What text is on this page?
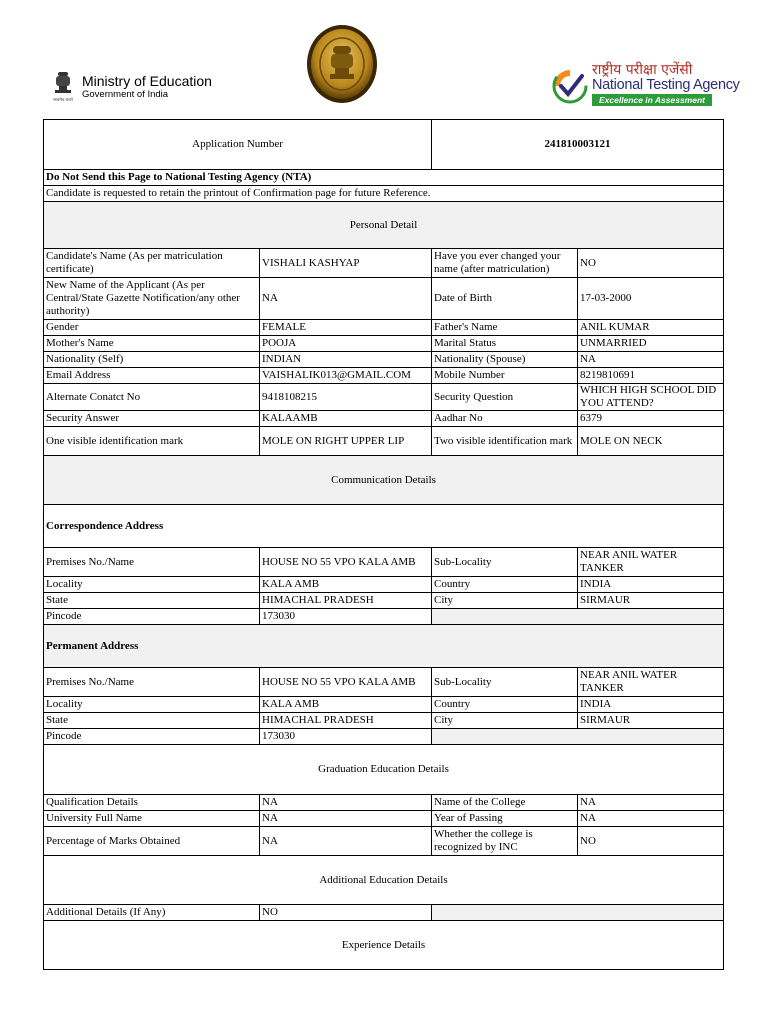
सत्यमेव जयते
Ministry of Education
Government of India
राष्ट्रीय परीक्षा एजेंसी
National Testing Agency
Excellence in Assessment
Application Number		241810003121	
Do Not Send this Page to National Testing Agency (NTA)			
Candidate is requested to retain the printout of Confirmation page for future Reference.			
Personal Detail			
Candidate's Name (As per matriculation certificate)	VISHALI KASHYAP	Have you ever changed your name (after matriculation)	NO
New Name of the Applicant (As per Central/State Gazette Notification/any other authority)	NA	Date of Birth	17-03-2000
Gender	FEMALE	Father's Name	ANIL KUMAR
Mother's Name	POOJA	Marital Status	UNMARRIED
Nationality (Self)	INDIAN	Nationality (Spouse)	NA
Email Address	VAISHALIK013@GMAIL.COM	Mobile Number	8219810691
Alternate Conatct No	9418108215	Security Question	WHICH HIGH SCHOOL DID YOU ATTEND?
Security Answer	KALAAMB	Aadhar No	6379
One visible identification mark	MOLE ON RIGHT UPPER LIP	Two visible identification mark	MOLE ON NECK
Communication Details			
Correspondence Address			
Premises No./Name	HOUSE NO 55 VPO KALA AMB	Sub-Locality	NEAR ANIL WATER TANKER
Locality	KALA AMB	Country	INDIA
State	HIMACHAL PRADESH	City	SIRMAUR
Pincode	173030		
Permanent Address			
Premises No./Name	HOUSE NO 55 VPO KALA AMB	Sub-Locality	NEAR ANIL WATER TANKER
Locality	KALA AMB	Country	INDIA
State	HIMACHAL PRADESH	City	SIRMAUR
Pincode	173030		
Graduation Education Details			
Qualification Details	NA	Name of the College	NA
University Full Name	NA	Year of Passing	NA
Percentage of Marks Obtained	NA	Whether the college is recognized by INC	NO
Additional Education Details			
Additional Details (If Any)	NO		
Experience Details			
